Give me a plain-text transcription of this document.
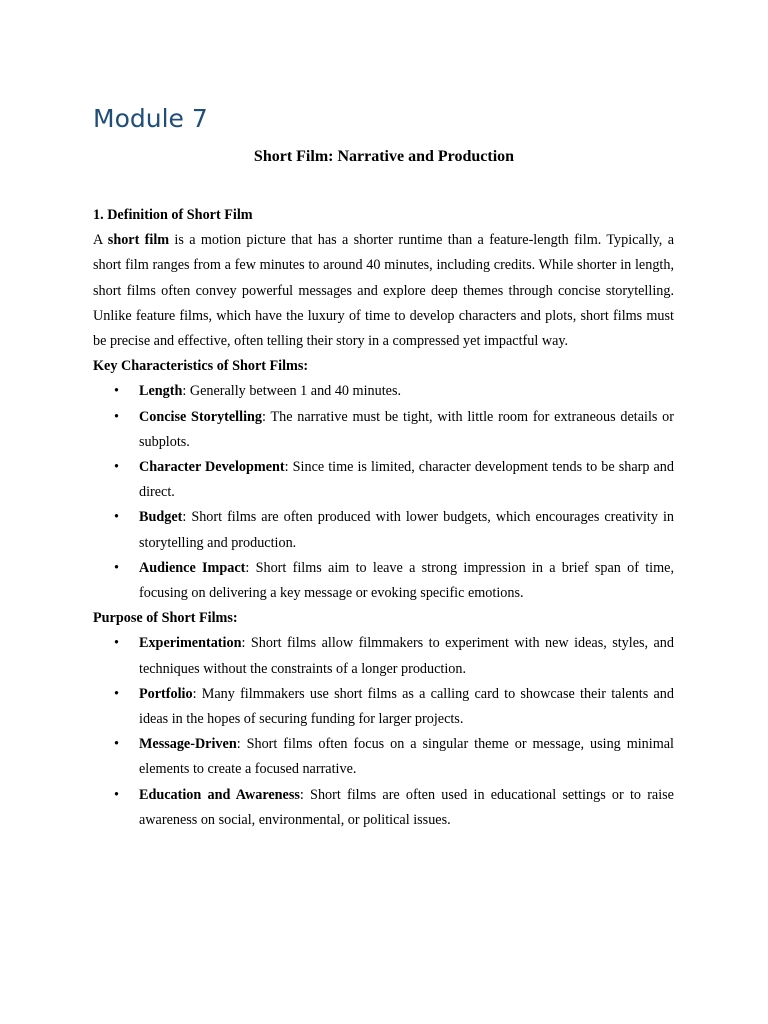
Module 7
Short Film: Narrative and Production

1. Definition of Short Film

A short film is a motion picture that has a shorter runtime than a feature-length film. Typically, a short film ranges from a few minutes to around 40 minutes, including credits. While shorter in length, short films often convey powerful messages and explore deep themes through concise storytelling. Unlike feature films, which have the luxury of time to develop characters and plots, short films must be precise and effective, often telling their story in a compressed yet impactful way.

Key Characteristics of Short Films:

• Length: Generally between 1 and 40 minutes.
• Concise Storytelling: The narrative must be tight, with little room for extraneous details or subplots.
• Character Development: Since time is limited, character development tends to be sharp and direct.
• Budget: Short films are often produced with lower budgets, which encourages creativity in storytelling and production.
• Audience Impact: Short films aim to leave a strong impression in a brief span of time, focusing on delivering a key message or evoking specific emotions.

Purpose of Short Films:

• Experimentation: Short films allow filmmakers to experiment with new ideas, styles, and techniques without the constraints of a longer production.
• Portfolio: Many filmmakers use short films as a calling card to showcase their talents and ideas in the hopes of securing funding for larger projects.
• Message-Driven: Short films often focus on a singular theme or message, using minimal elements to create a focused narrative.
• Education and Awareness: Short films are often used in educational settings or to raise awareness on social, environmental, or political issues.
